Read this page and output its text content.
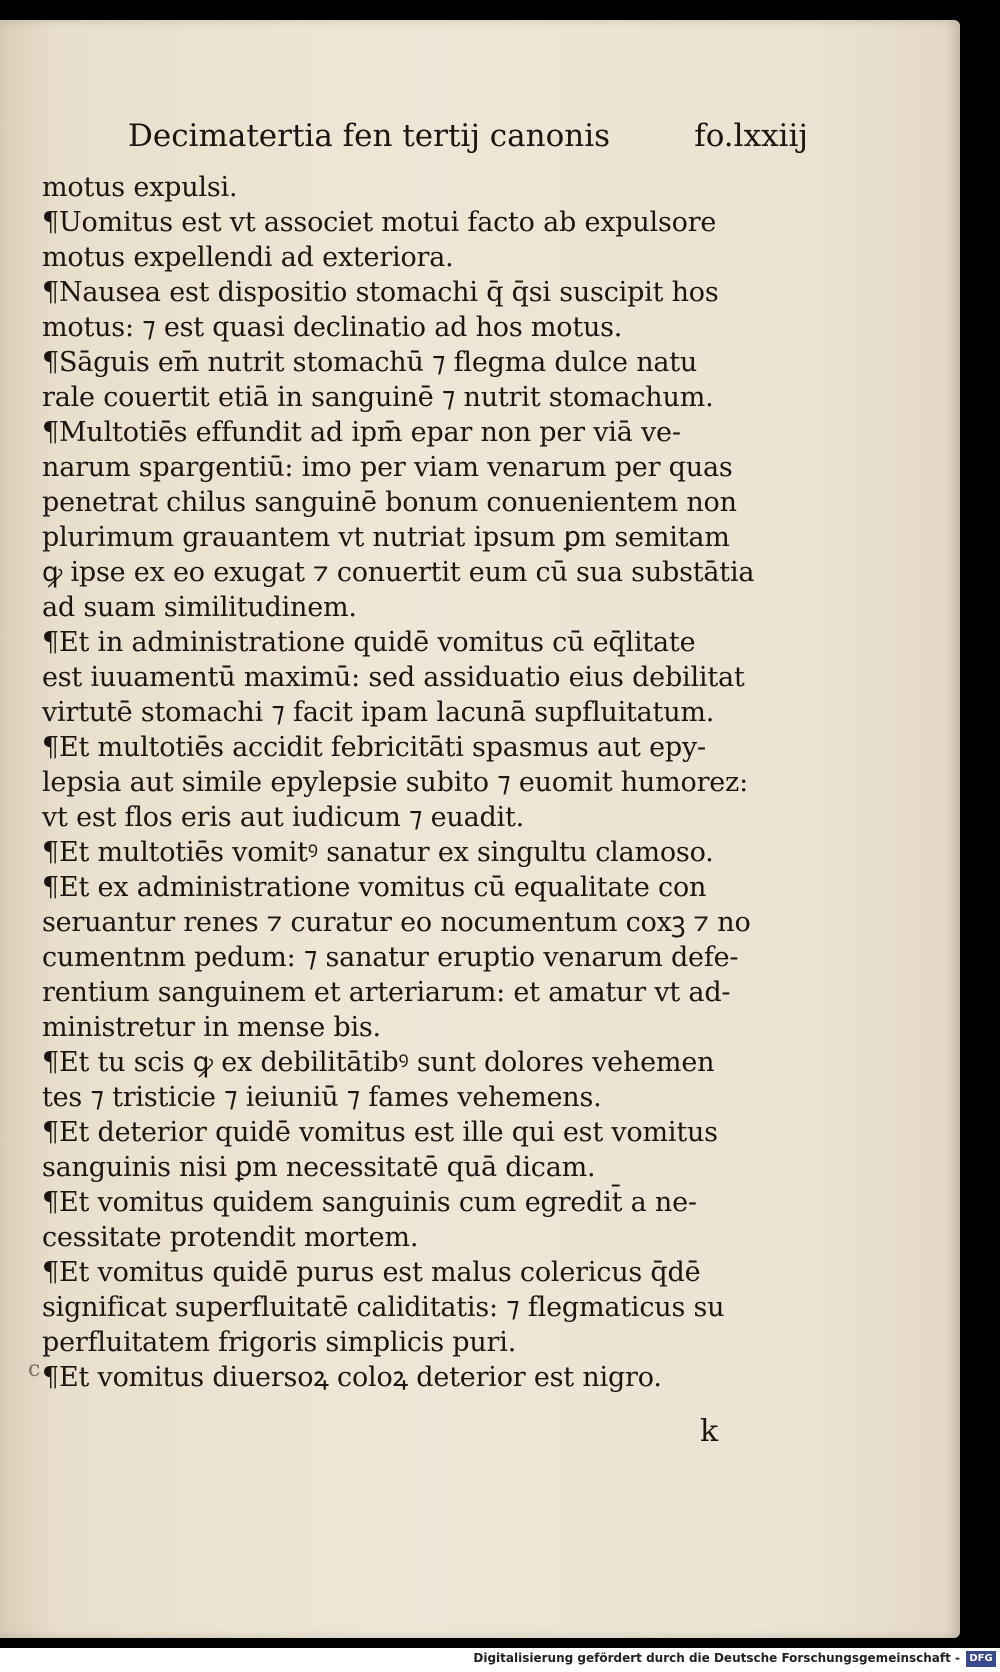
Decimatertia fen tertij canonis	fo.lxxiij
motus expulsi.
¶Uomitus est vt associet motui facto ab expulsore
motus expellendi ad exteriora.
¶Nausea est dispositio stomachi q̄ q̄si suscipit hos
motus: ⁊ est quasi declinatio ad hos motus.
¶Sāguis em̄ nutrit stomachū ⁊ flegma dulce natu
rale couertit etiā in sanguinē ⁊ nutrit stomachum.
¶Multotiēs effundit ad ipm̄ epar non per viā ve-
narum spargentiū: imo per viam venarum per quas
penetrat chilus sanguinē bonum conuenientem non
plurimum grauantem vt nutriat ipsum ꝑm semitam
ꝙ ipse ex eo exugat ⁊ conuertit eum cū sua substātia
ad suam similitudinem.
¶Et in administratione quidē vomitus cū eq̄litate
est iuuamentū maximū: sed assiduatio eius debilitat
virtutē stomachi ⁊ facit ipam lacunā supfluitatum.
¶Et multotiēs accidit febricitāti spasmus aut epy-
lepsia aut simile epylepsie subito ⁊ euomit humorez:
vt est flos eris aut iudicum ⁊ euadit.
¶Et multotiēs vomitꝰ sanatur ex singultu clamoso.
¶Et ex administratione vomitus cū equalitate con
seruantur renes ⁊ curatur eo nocumentum coxꝫ ⁊ no
cumentnm pedum: ⁊ sanatur eruptio venarum defe-
rentium sanguinem et arteriarum: et amatur vt ad-
ministretur in mense bis.
¶Et tu scis ꝙ ex debilitātibꝰ sunt dolores vehemen
tes ⁊ tristicie ⁊ ieiuniū ⁊ fames vehemens.
¶Et deterior quidē vomitus est ille qui est vomitus
sanguinis nisi ꝑm necessitatē quā dicam.
¶Et vomitus quidem sanguinis cum egredit̄ a ne-
cessitate protendit mortem.
¶Et vomitus quidē purus est malus colericus q̄dē
significat superfluitatē caliditatis: ⁊ flegmaticus su
perfluitatem frigoris simplicis puri.
¶Et vomitus diuersoꝝ coloꝝ deterior est nigro.
c
k
Digitalisierung gefördert durch die Deutsche Forschungsgemeinschaft - DFG
